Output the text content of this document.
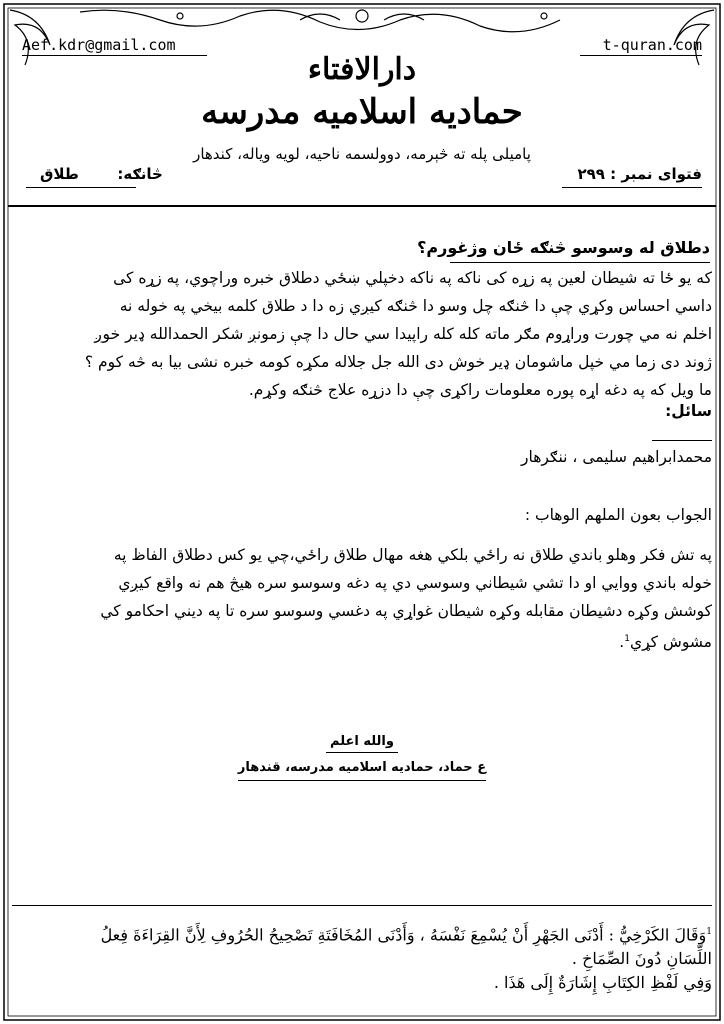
Aef.kdr@gmail.com	t-quran.com
دارالافتاء
حمادیه اسلامیه مدرسه
پامیلی پله ته څېرمه، دوولسمه ناحیه، لویه ویاله، کندهار
فتوای نمبر : ۲۹۹
څانګه:  طلاق
دطلاق له وسوسو څنګه ځان وژغورم؟
که یو ځا ته شیطان لعین په زړه کی ناکه په ناکه دخپلي ښځي دطلاق خبره وراچوي، په زړه کی
داسي احساس وکړي چې دا څنګه چل وسو دا څنګه کیږي زه دا د طلاق کلمه بیخي په خوله نه
اخلم نه مي چورت وراړوم مګر ماته کله کله راپیدا سي حال دا چې زمونږ شکر الحمدالله ډیر خوږ
ژوند دی زما مي خپل ماشومان ډیر خوش دی الله جل جلاله مکړه کومه خبره نشی بیا به څه کوم ؟
ما ویل که په دغه اړه پوره معلومات راکړی چې دا دزړه علاج څنګه وکړم.
سائل:
محمدابراهیم سلیمی ، ننګرهار
الجواب بعون الملهم الوهاب :
په تش فکر وهلو باندي طلاق نه راځي بلکي هغه مهال طلاق راځي،چي یو کس دطلاق الفاظ په
خوله باندي ووایي او دا تشي شیطاني وسوسي دي په دغه وسوسو سره هیڅ هم نه واقع کیږي
کوشش وکړه دشیطان مقابله وکړه شیطان غواړي په دغسي وسوسو سره تا په دیني احکامو کي
مشوش کړي$^1$.
والله اعلم
ع حماد، حمادیه اسلامیه مدرسه، قندهار
$^1$وَقَالَ الكَرْخِيُّ : أَدْنَى الجَهْرِ أَنْ يُسْمِعَ نَفْسَهُ ، وَأَدْنَى المُخَافَتَةِ تَصْحِيحُ الحُرُوفِ لِأَنَّ القِرَاءَةَ فِعلُ
اللِّسَانِ دُونَ الصِّمَاخِ .
وَفِي لَفْظِ الكِتَابِ إِشَارَةٌ إِلَى هَذَا .
